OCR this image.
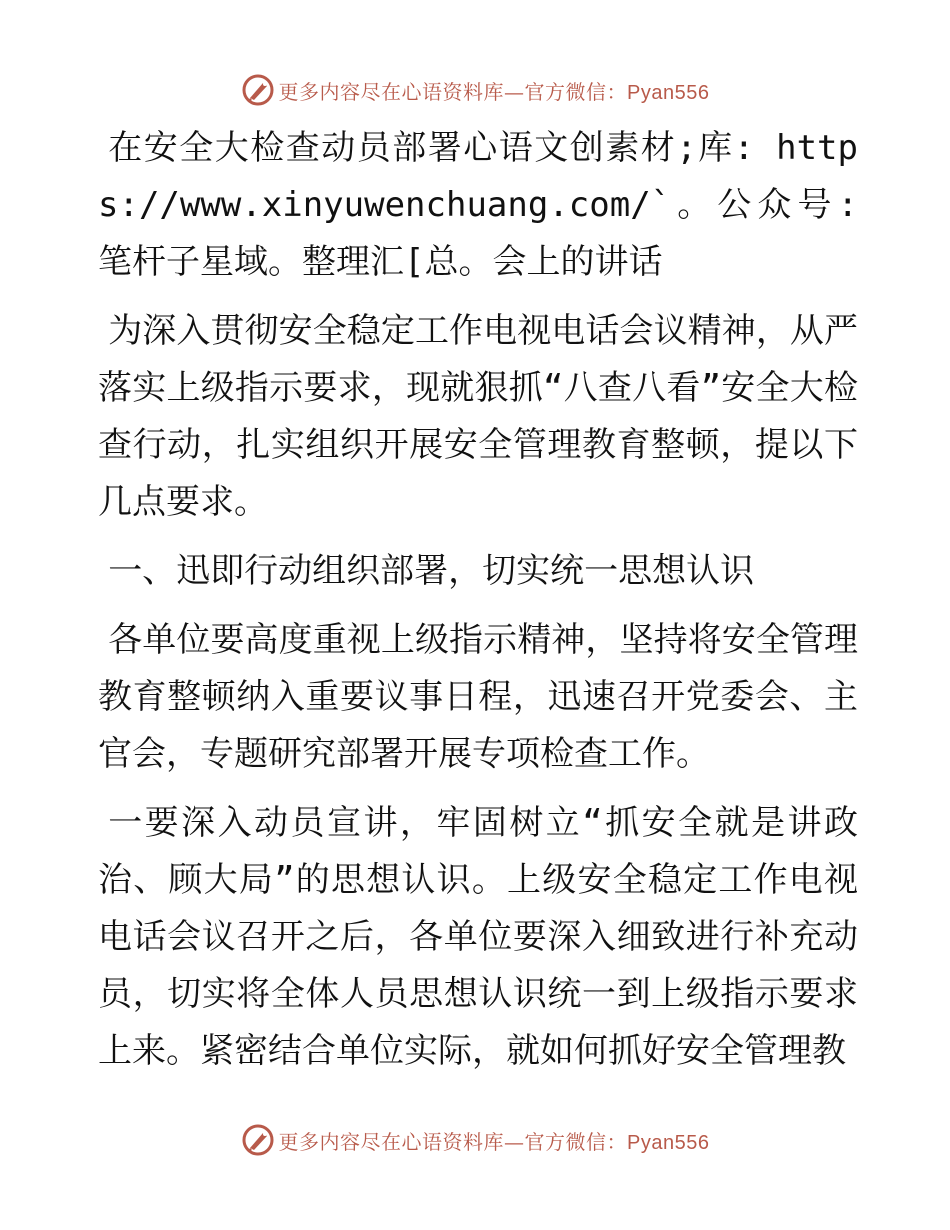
更多内容尽在心语资料库—官方微信：Pyan556

在安全大检查动员部署心语文创素材;库: https://www.xinyuwenchuang.com/`。公众号: 笔杆子星域。整理汇[总。会上的讲话

为深入贯彻安全稳定工作电视电话会议精神，从严落实上级指示要求，现就狠抓“八查八看”安全大检查行动，扎实组织开展安全管理教育整顿，提以下几点要求。

一、迅即行动组织部署，切实统一思想认识

各单位要高度重视上级指示精神，坚持将安全管理教育整顿纳入重要议事日程，迅速召开党委会、主官会，专题研究部署开展专项检查工作。

一要深入动员宣讲，牢固树立“抓安全就是讲政治、顾大局”的思想认识。上级安全稳定工作电视电话会议召开之后，各单位要深入细致进行补充动员，切实将全体人员思想认识统一到上级指示要求上来。紧密结合单位实际，就如何抓好安全管理教

更多内容尽在心语资料库—官方微信：Pyan556
